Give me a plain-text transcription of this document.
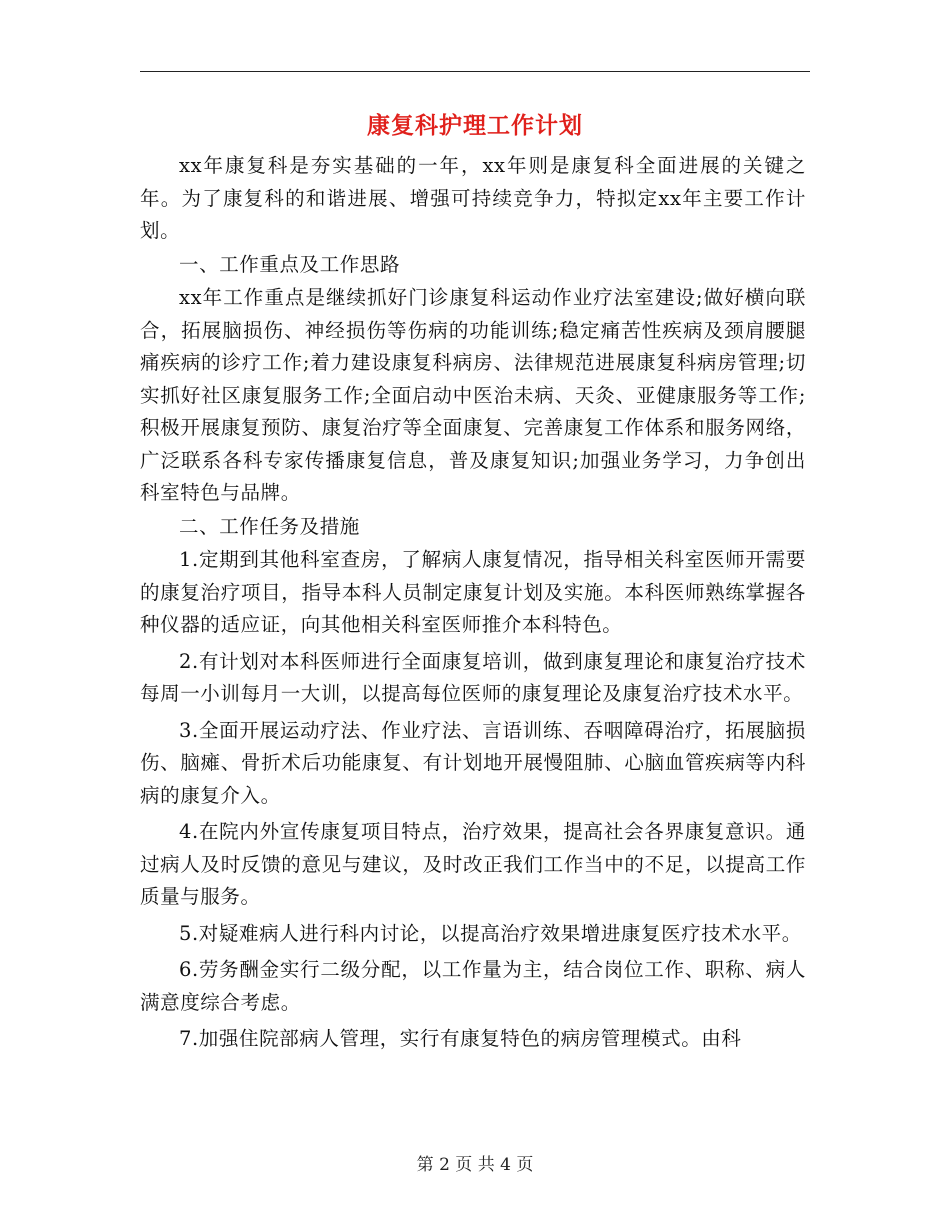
康复科护理工作计划

xx年康复科是夯实基础的一年，xx年则是康复科全面进展的关键之年。为了康复科的和谐进展、增强可持续竞争力，特拟定xx年主要工作计划。

一、工作重点及工作思路

xx年工作重点是继续抓好门诊康复科运动作业疗法室建设;做好横向联合，拓展脑损伤、神经损伤等伤病的功能训练;稳定痛苦性疾病及颈肩腰腿痛疾病的诊疗工作;着力建设康复科病房、法律规范进展康复科病房管理;切实抓好社区康复服务工作;全面启动中医治未病、天灸、亚健康服务等工作;积极开展康复预防、康复治疗等全面康复、完善康复工作体系和服务网络，广泛联系各科专家传播康复信息，普及康复知识;加强业务学习，力争创出科室特色与品牌。

二、工作任务及措施

1.定期到其他科室查房，了解病人康复情况，指导相关科室医师开需要的康复治疗项目，指导本科人员制定康复计划及实施。本科医师熟练掌握各种仪器的适应证，向其他相关科室医师推介本科特色。

2.有计划对本科医师进行全面康复培训，做到康复理论和康复治疗技术每周一小训每月一大训，以提高每位医师的康复理论及康复治疗技术水平。

3.全面开展运动疗法、作业疗法、言语训练、吞咽障碍治疗，拓展脑损伤、脑瘫、骨折术后功能康复、有计划地开展慢阻肺、心脑血管疾病等内科病的康复介入。

4.在院内外宣传康复项目特点，治疗效果，提高社会各界康复意识。通过病人及时反馈的意见与建议，及时改正我们工作当中的不足，以提高工作质量与服务。

5.对疑难病人进行科内讨论，以提高治疗效果增进康复医疗技术水平。

6.劳务酬金实行二级分配，以工作量为主，结合岗位工作、职称、病人满意度综合考虑。

7.加强住院部病人管理，实行有康复特色的病房管理模式。由科

第 2 页 共 4 页
